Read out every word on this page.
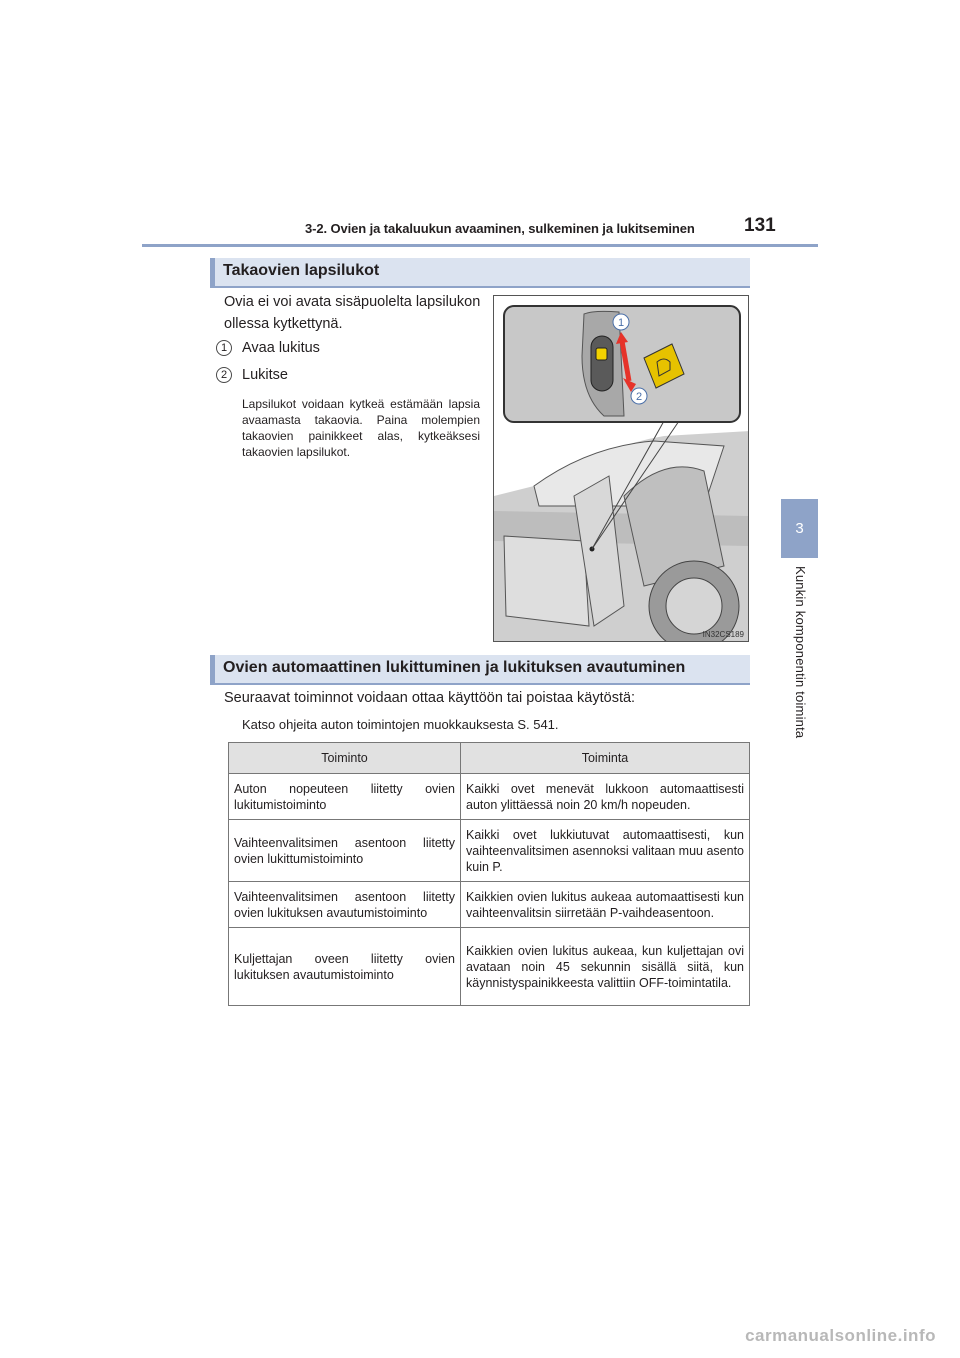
3-2. Ovien ja takaluukun avaaminen, sulkeminen ja lukitseminen	131
3
Kunkin komponentin toiminta
Takaovien lapsilukot
Ovia ei voi avata sisäpuolelta lapsilukon ollessa kytkettynä.
1	Avaa lukitus
2	Lukitse
Lapsilukot voidaan kytkeä estämään lapsia avaamasta takaovia. Paina molempien takaovien painikkeet alas, kytkeäksesi takaovien lapsilukot.
1
2
IN32CS189
Ovien automaattinen lukittuminen ja lukituksen avautuminen
Seuraavat toiminnot voidaan ottaa käyttöön tai poistaa käytöstä:
Katso ohjeita auton toimintojen muokkauksesta S. 541.
Toiminto	Toiminta
Auton nopeuteen liitetty ovien lukitumistoiminto	Kaikki ovet menevät lukkoon automaattisesti auton ylittäessä noin 20 km/h nopeuden.
Vaihteenvalitsimen asentoon liitetty ovien lukittumistoiminto	Kaikki ovet lukkiutuvat automaattisesti, kun vaihteenvalitsimen asennoksi valitaan muu asento kuin P.
Vaihteenvalitsimen asentoon liitetty ovien lukituksen avautumistoiminto	Kaikkien ovien lukitus aukeaa automaattisesti kun vaihteenvalitsin siirretään P-vaihdeasentoon.
Kuljettajan oveen liitetty ovien lukituksen avautumistoiminto	Kaikkien ovien lukitus aukeaa, kun kuljettajan ovi avataan noin 45 sekunnin sisällä siitä, kun käynnistyspainikkeesta valittiin OFF-toimintatila.
carmanualsonline.info
